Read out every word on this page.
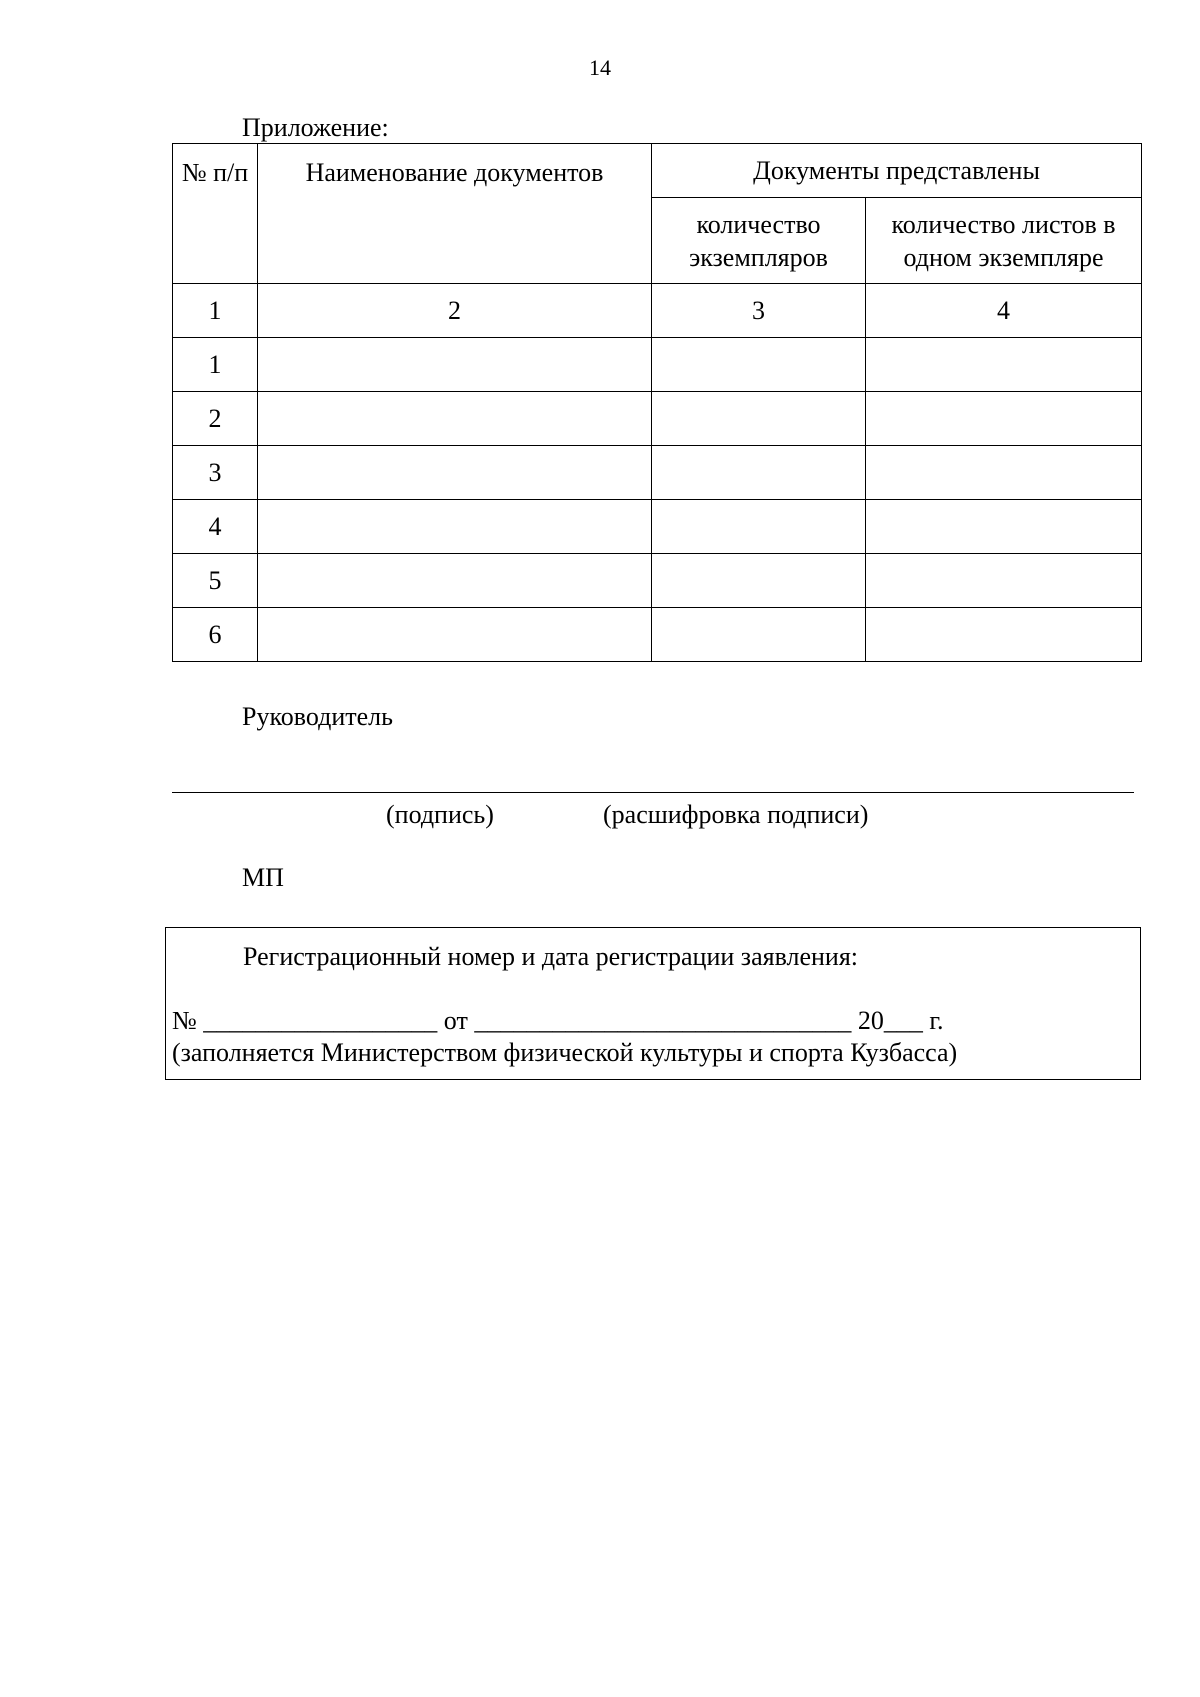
14
Приложение:
№ п/п	Наименование документов	Документы представлены	
		количество экземпляров	количество листов в одном экземпляре
1	2	3	4
1			
2			
3			
4			
5			
6			
Руководитель
(подпись)	(расшифровка подписи)
МП
Регистрационный номер и дата регистрации заявления:
№ __________________ от _____________________________ 20___ г.
(заполняется Министерством физической культуры и спорта Кузбасса)
